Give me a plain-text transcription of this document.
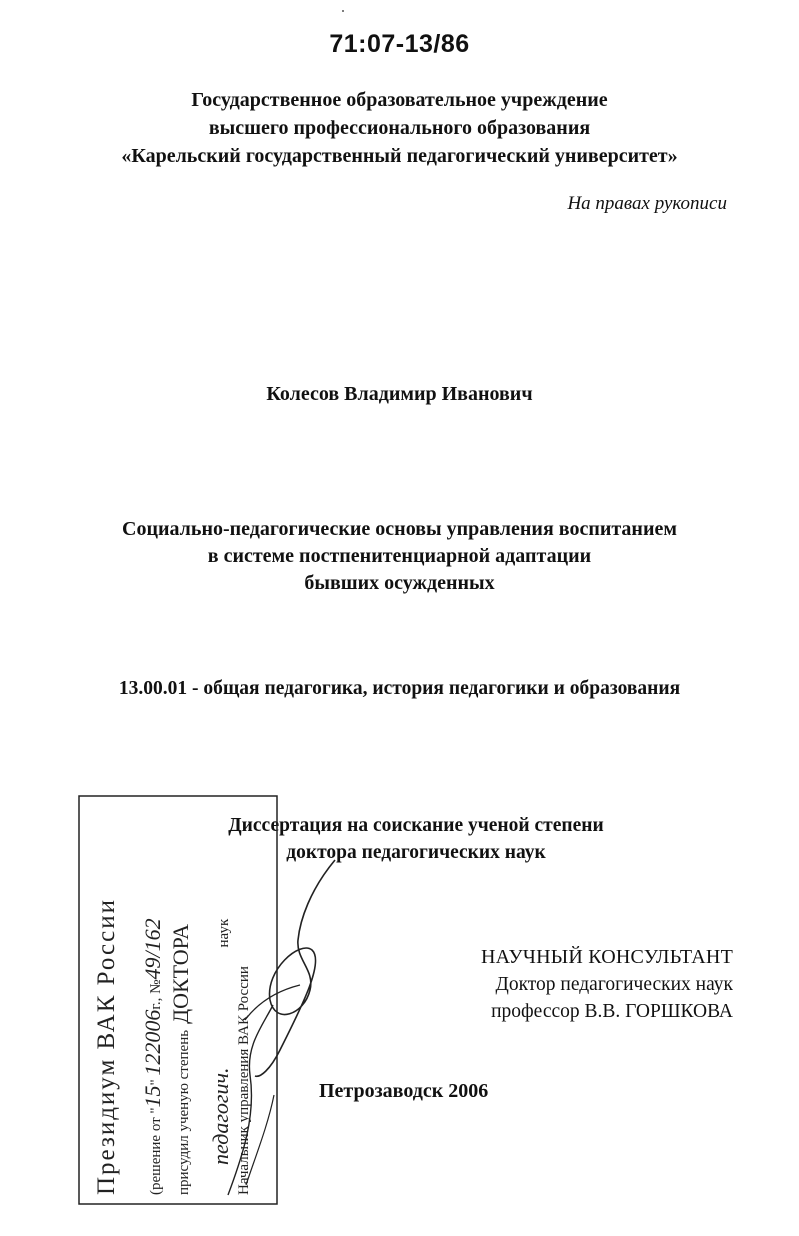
71:07-13/86
Государственное образовательное учреждение
высшего профессионального образования
«Карельский государственный педагогический университет»
На правах рукописи
Колесов Владимир Иванович
Социально-педагогические основы управления воспитанием
в системе постпенитенциарной адаптации
бывших осужденных
13.00.01 - общая педагогика, история педагогики и образования
Диссертация на соискание ученой степени
доктора педагогических наук
НАУЧНЫЙ КОНСУЛЬТАНТ
Доктор педагогических наук
профессор В.В. ГОРШКОВА
Петрозаводск 2006
Президиум ВАК России	(решение от "15" 122006г., №49/162
присудил ученую степеньДОКТОРА
педагогич.наук
Начальник управления ВАК России
